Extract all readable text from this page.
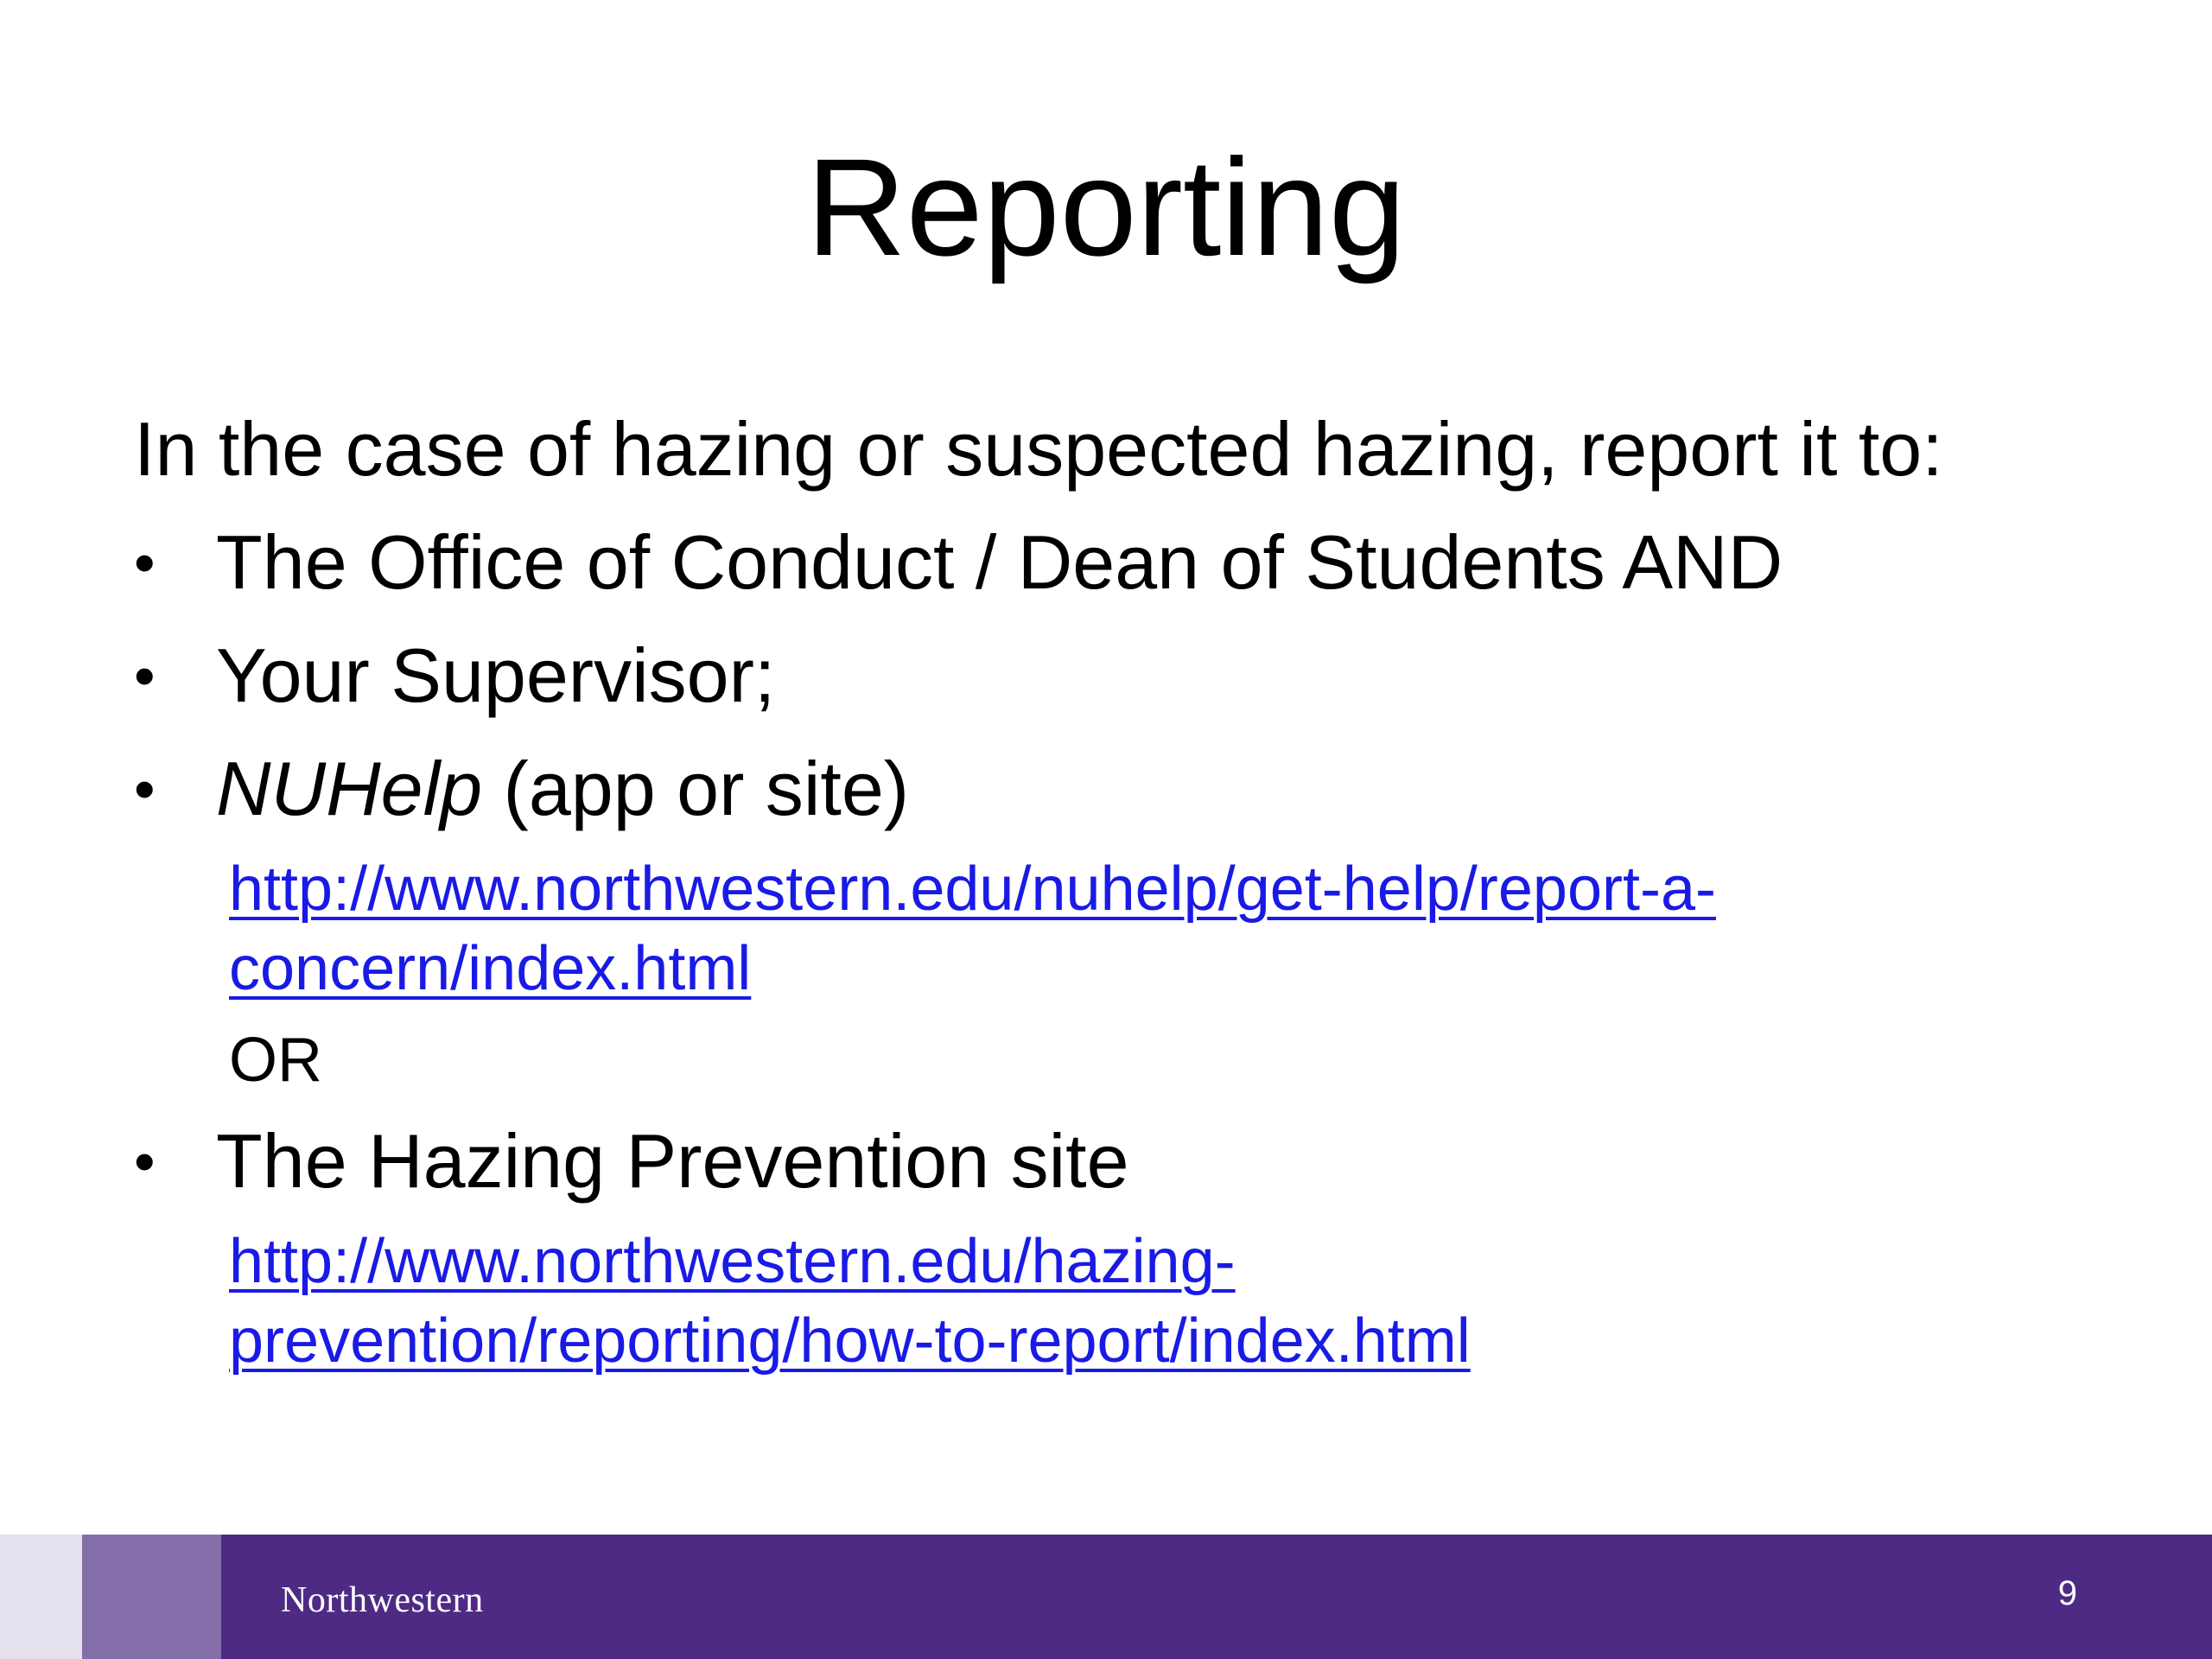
Reporting

In the case of hazing or suspected hazing, report it to:

• The Office of Conduct / Dean of Students AND
• Your Supervisor;
• NUHelp (app or site)
http://www.northwestern.edu/nuhelp/get-help/report-a-
concern/index.html
OR
• The Hazing Prevention site
http://www.northwestern.edu/hazing-
prevention/reporting/how-to-report/index.html
Northwestern	9
